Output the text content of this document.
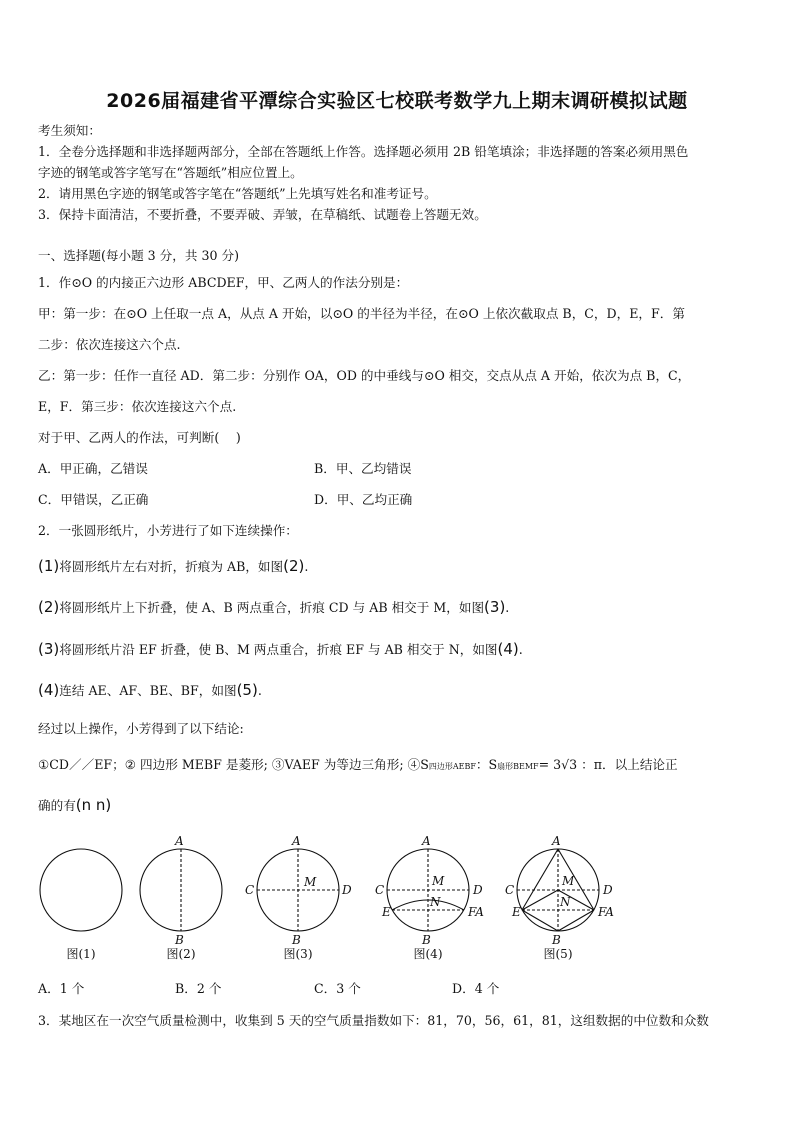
2026届福建省平潭综合实验区七校联考数学九上期末调研模拟试题
考生须知：
1．全卷分选择题和非选择题两部分，全部在答题纸上作答。选择题必须用 2B 铅笔填涂；非选择题的答案必须用黑色
字迹的钢笔或答字笔写在“答题纸”相应位置上。
2．请用黑色字迹的钢笔或答字笔在“答题纸”上先填写姓名和准考证号。
3．保持卡面清洁，不要折叠，不要弄破、弄皱，在草稿纸、试题卷上答题无效。
一、选择题(每小题 3 分，共 30 分)
1．作⊙O 的内接正六边形 ABCDEF，甲、乙两人的作法分别是：
甲：第一步：在⊙O 上任取一点 A，从点 A 开始，以⊙O 的半径为半径，在⊙O 上依次截取点 B，C，D，E，F．第
二步：依次连接这六个点.
乙：第一步：任作一直径 AD．第二步：分别作 OA，OD 的中垂线与⊙O 相交，交点从点 A 开始，依次为点 B，C，
E，F．第三步：依次连接这六个点.
对于甲、乙两人的作法，可判断(　 )
A．甲正确，乙错误	B．甲、乙均错误
C．甲错误，乙正确	D．甲、乙均正确
2．一张圆形纸片，小芳进行了如下连续操作：
(1)将圆形纸片左右对折，折痕为 AB，如图(2).
(2)将圆形纸片上下折叠，使 A、B 两点重合，折痕 CD 与 AB 相交于 M，如图(3).
(3)将圆形纸片沿 EF 折叠，使 B、M 两点重合，折痕 EF 与 AB 相交于 N，如图(4).
(4)连结 AE、AF、BE、BF，如图(5).
经过以上操作，小芳得到了以下结论:
①CD／／EF；② 四边形 MEBF 是菱形; ③VAEF 为等边三角形; ④S四边形AEBF：S扇形BEMF= 3√3 ：π．以上结论正
确的有(n n)
A
B
A
B
C	D
M
A
B
C	D
M
N
E	FA
A
B
C	D
M
N
E	FA
图(1)	图(2)	图(3)	图(4)	图(5)
A．1 个	B．2 个	C．3 个	D．4 个
3．某地区在一次空气质量检测中，收集到 5 天的空气质量指数如下：81，70，56，61，81，这组数据的中位数和众数
